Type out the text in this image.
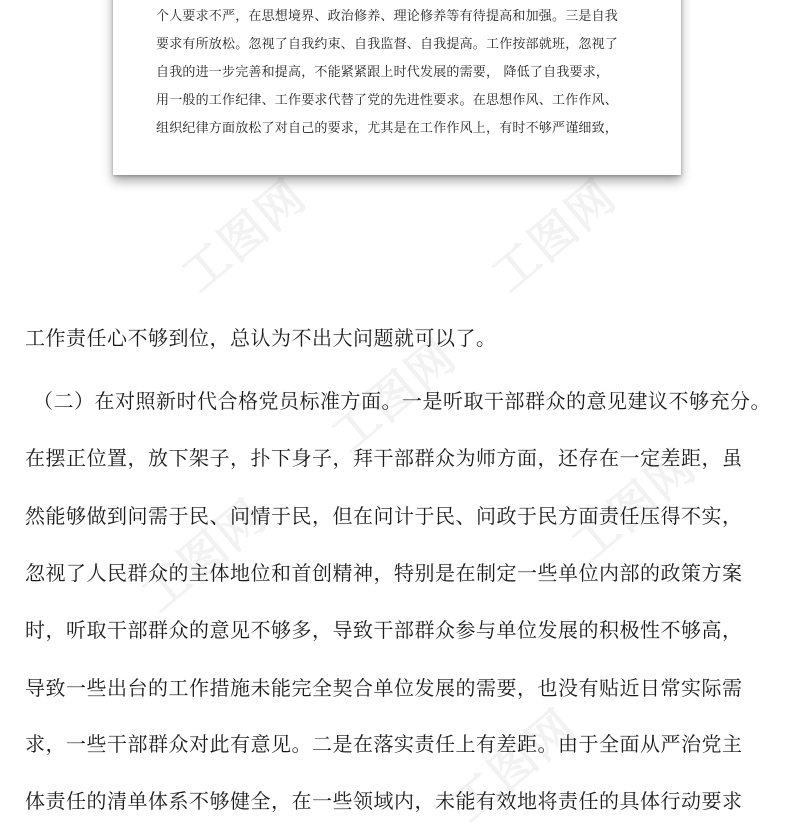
个人要求不严，在思想境界、政治修养、理论修养等有待提高和加强。三是自我
要求有所放松。忽视了自我约束、自我监督、自我提高。工作按部就班，忽视了
自我的进一步完善和提高，不能紧紧跟上时代发展的需要， 降低了自我要求，
用一般的工作纪律、工作要求代替了党的先进性要求。在思想作风、工作作风、
组织纪律方面放松了对自己的要求，尤其是在工作作风上，有时不够严谨细致，
工作责任心不够到位，总认为不出大问题就可以了。
（二）在对照新时代合格党员标准方面。一是听取干部群众的意见建议不够充分。
在摆正位置，放下架子，扑下身子，拜干部群众为师方面，还存在一定差距，虽
然能够做到问需于民、问情于民，但在问计于民、问政于民方面责任压得不实，
忽视了人民群众的主体地位和首创精神，特别是在制定一些单位内部的政策方案
时，听取干部群众的意见不够多，导致干部群众参与单位发展的积极性不够高，
导致一些出台的工作措施未能完全契合单位发展的需要，也没有贴近日常实际需
求，一些干部群众对此有意见。二是在落实责任上有差距。由于全面从严治党主
体责任的清单体系不够健全，在一些领域内，未能有效地将责任的具体行动要求
工图网	工图网
工图网
工图网	工图网
工图网
